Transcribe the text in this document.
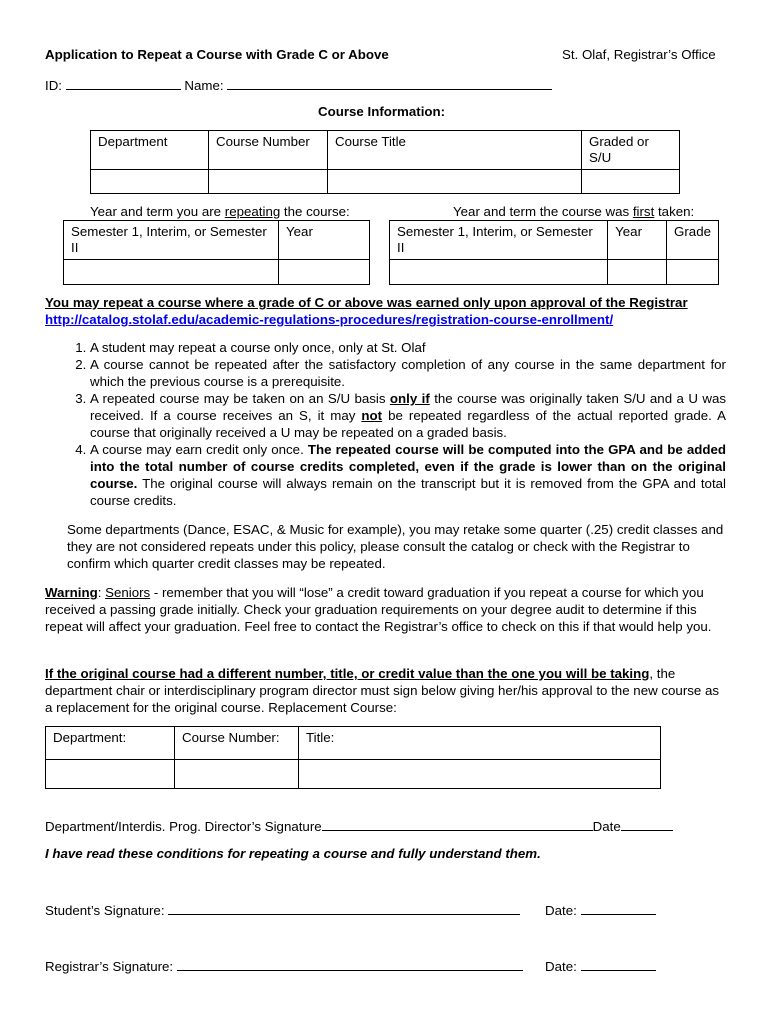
Application to Repeat a Course with Grade C or Above	St. Olaf, Registrar’s Office
ID:	Name:
Course Information:
Department	Course Number	Course Title	Graded or S/U

Year and term you are repeating the course:
Semester 1, Interim, or Semester II	Year

Year and term the course was first taken:
Semester 1, Interim, or Semester II	Year	Grade

You may repeat a course where a grade of C or above was earned only upon approval of the Registrar
http://catalog.stolaf.edu/academic-regulations-procedures/registration-course-enrollment/
1. A student may repeat a course only once, only at St. Olaf
2. A course cannot be repeated after the satisfactory completion of any course in the same department for which the previous course is a prerequisite.
3. A repeated course may be taken on an S/U basis only if the course was originally taken S/U and a U was received. If a course receives an S, it may not be repeated regardless of the actual reported grade. A course that originally received a U may be repeated on a graded basis.
4. A course may earn credit only once. The repeated course will be computed into the GPA and be added into the total number of course credits completed, even if the grade is lower than on the original course. The original course will always remain on the transcript but it is removed from the GPA and total course credits.
Some departments (Dance, ESAC, & Music for example), you may retake some quarter (.25) credit classes and they are not considered repeats under this policy, please consult the catalog or check with the Registrar to confirm which quarter credit classes may be repeated.
Warning: Seniors - remember that you will “lose” a credit toward graduation if you repeat a course for which you received a passing grade initially. Check your graduation requirements on your degree audit to determine if this repeat will affect your graduation. Feel free to contact the Registrar’s office to check on this if that would help you.
If the original course had a different number, title, or credit value than the one you will be taking, the department chair or interdisciplinary program director must sign below giving her/his approval to the new course as a replacement for the original course. Replacement Course:
Department:	Course Number:	Title:

Department/Interdis. Prog. Director’s Signature	Date
I have read these conditions for repeating a course and fully understand them.
Student’s Signature:	Date:
Registrar’s Signature:	Date:
